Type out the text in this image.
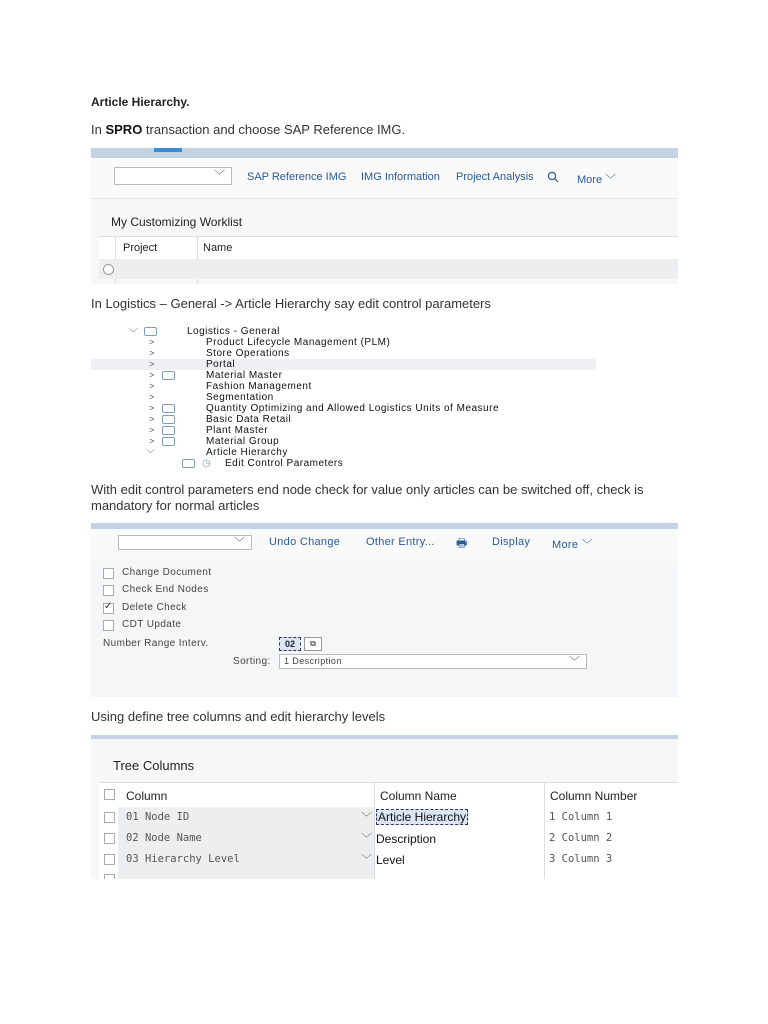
Article Hierarchy.
In SPRO transaction and choose SAP Reference IMG.
﹀ SAP Reference IMG IMG Information Project Analysis	More ﹀
My Customizing Worklist
Project	Name
In Logistics – General -> Article Hierarchy say edit control parameters
﹀	Logistics - General
>	Product Lifecycle Management (PLM)
>	Store Operations
>	Portal
>	Material Master
>	Fashion Management
>	Segmentation
>	Quantity Optimizing and Allowed Logistics Units of Measure
>	Basic Data Retail
>	Plant Master
>	Material Group
﹀	Article Hierarchy
◷ Edit Control Parameters
With edit control parameters end node check for value only articles can be switched off, check is
mandatory for normal articles
﹀ Undo Change Other Entry... 🖶 Display More ﹀
Change Document
Check End Nodes
✓ Delete Check
CDT Update
Number Range Interv.	02	⧉
Sorting: 1 Description	﹀
Using define tree columns and edit hierarchy levels
Tree Columns
Column	Column Name	Column Number
01 Node ID	﹀ Article Hierarchy	1 Column 1
02 Node Name	﹀ Description	2 Column 2
03 Hierarchy Level	﹀ Level	3 Column 3
